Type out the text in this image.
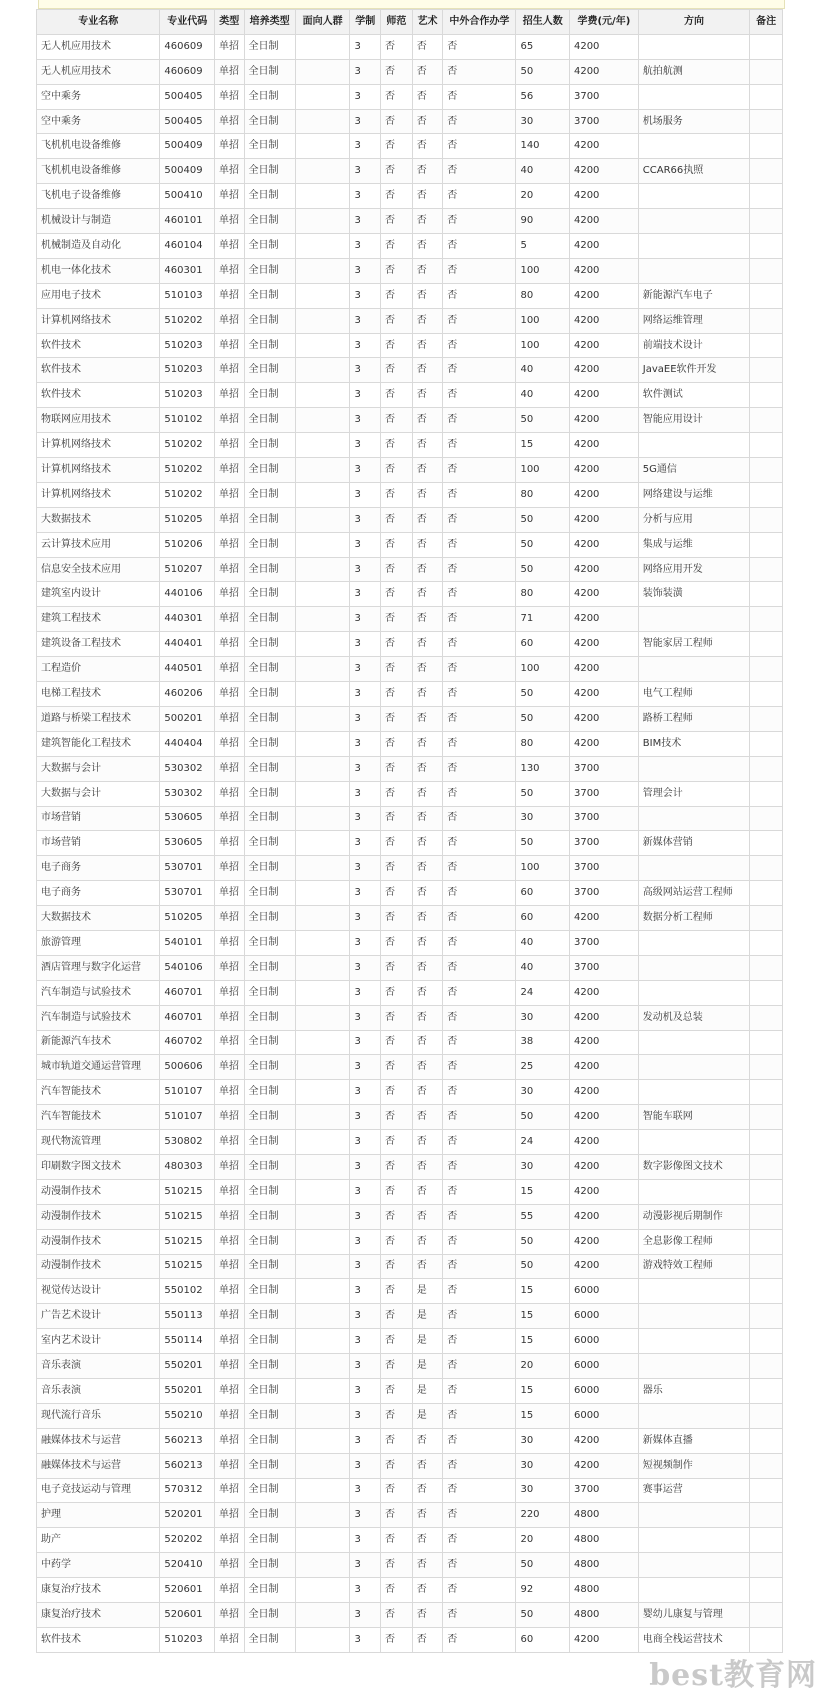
专业名称	专业代码	类型	培养类型	面向人群	学制	师范	艺术	中外合作办学	招生人数	学费(元/年)	方向	备注
无人机应用技术	460609	单招	全日制		3	否	否	否	65	4200		
无人机应用技术	460609	单招	全日制		3	否	否	否	50	4200	航拍航测	
空中乘务	500405	单招	全日制		3	否	否	否	56	3700		
空中乘务	500405	单招	全日制		3	否	否	否	30	3700	机场服务	
飞机机电设备维修	500409	单招	全日制		3	否	否	否	140	4200		
飞机机电设备维修	500409	单招	全日制		3	否	否	否	40	4200	CCAR66执照	
飞机电子设备维修	500410	单招	全日制		3	否	否	否	20	4200		
机械设计与制造	460101	单招	全日制		3	否	否	否	90	4200		
机械制造及自动化	460104	单招	全日制		3	否	否	否	5	4200		
机电一体化技术	460301	单招	全日制		3	否	否	否	100	4200		
应用电子技术	510103	单招	全日制		3	否	否	否	80	4200	新能源汽车电子	
计算机网络技术	510202	单招	全日制		3	否	否	否	100	4200	网络运维管理	
软件技术	510203	单招	全日制		3	否	否	否	100	4200	前端技术设计	
软件技术	510203	单招	全日制		3	否	否	否	40	4200	JavaEE软件开发	
软件技术	510203	单招	全日制		3	否	否	否	40	4200	软件测试	
物联网应用技术	510102	单招	全日制		3	否	否	否	50	4200	智能应用设计	
计算机网络技术	510202	单招	全日制		3	否	否	否	15	4200		
计算机网络技术	510202	单招	全日制		3	否	否	否	100	4200	5G通信	
计算机网络技术	510202	单招	全日制		3	否	否	否	80	4200	网络建设与运维	
大数据技术	510205	单招	全日制		3	否	否	否	50	4200	分析与应用	
云计算技术应用	510206	单招	全日制		3	否	否	否	50	4200	集成与运维	
信息安全技术应用	510207	单招	全日制		3	否	否	否	50	4200	网络应用开发	
建筑室内设计	440106	单招	全日制		3	否	否	否	80	4200	装饰装潢	
建筑工程技术	440301	单招	全日制		3	否	否	否	71	4200		
建筑设备工程技术	440401	单招	全日制		3	否	否	否	60	4200	智能家居工程师	
工程造价	440501	单招	全日制		3	否	否	否	100	4200		
电梯工程技术	460206	单招	全日制		3	否	否	否	50	4200	电气工程师	
道路与桥梁工程技术	500201	单招	全日制		3	否	否	否	50	4200	路桥工程师	
建筑智能化工程技术	440404	单招	全日制		3	否	否	否	80	4200	BIM技术	
大数据与会计	530302	单招	全日制		3	否	否	否	130	3700		
大数据与会计	530302	单招	全日制		3	否	否	否	50	3700	管理会计	
市场营销	530605	单招	全日制		3	否	否	否	30	3700		
市场营销	530605	单招	全日制		3	否	否	否	50	3700	新媒体营销	
电子商务	530701	单招	全日制		3	否	否	否	100	3700		
电子商务	530701	单招	全日制		3	否	否	否	60	3700	高级网站运营工程师	
大数据技术	510205	单招	全日制		3	否	否	否	60	4200	数据分析工程师	
旅游管理	540101	单招	全日制		3	否	否	否	40	3700		
酒店管理与数字化运营	540106	单招	全日制		3	否	否	否	40	3700		
汽车制造与试验技术	460701	单招	全日制		3	否	否	否	24	4200		
汽车制造与试验技术	460701	单招	全日制		3	否	否	否	30	4200	发动机及总装	
新能源汽车技术	460702	单招	全日制		3	否	否	否	38	4200		
城市轨道交通运营管理	500606	单招	全日制		3	否	否	否	25	4200		
汽车智能技术	510107	单招	全日制		3	否	否	否	30	4200		
汽车智能技术	510107	单招	全日制		3	否	否	否	50	4200	智能车联网	
现代物流管理	530802	单招	全日制		3	否	否	否	24	4200		
印刷数字图文技术	480303	单招	全日制		3	否	否	否	30	4200	数字影像图文技术	
动漫制作技术	510215	单招	全日制		3	否	否	否	15	4200		
动漫制作技术	510215	单招	全日制		3	否	否	否	55	4200	动漫影视后期制作	
动漫制作技术	510215	单招	全日制		3	否	否	否	50	4200	全息影像工程师	
动漫制作技术	510215	单招	全日制		3	否	否	否	50	4200	游戏特效工程师	
视觉传达设计	550102	单招	全日制		3	否	是	否	15	6000		
广告艺术设计	550113	单招	全日制		3	否	是	否	15	6000		
室内艺术设计	550114	单招	全日制		3	否	是	否	15	6000		
音乐表演	550201	单招	全日制		3	否	是	否	20	6000		
音乐表演	550201	单招	全日制		3	否	是	否	15	6000	器乐	
现代流行音乐	550210	单招	全日制		3	否	是	否	15	6000		
融媒体技术与运营	560213	单招	全日制		3	否	否	否	30	4200	新媒体直播	
融媒体技术与运营	560213	单招	全日制		3	否	否	否	30	4200	短视频制作	
电子竞技运动与管理	570312	单招	全日制		3	否	否	否	30	3700	赛事运营	
护理	520201	单招	全日制		3	否	否	否	220	4800		
助产	520202	单招	全日制		3	否	否	否	20	4800		
中药学	520410	单招	全日制		3	否	否	否	50	4800		
康复治疗技术	520601	单招	全日制		3	否	否	否	92	4800		
康复治疗技术	520601	单招	全日制		3	否	否	否	50	4800	婴幼儿康复与管理	
软件技术	510203	单招	全日制		3	否	否	否	60	4200	电商全栈运营技术	
best教育网
